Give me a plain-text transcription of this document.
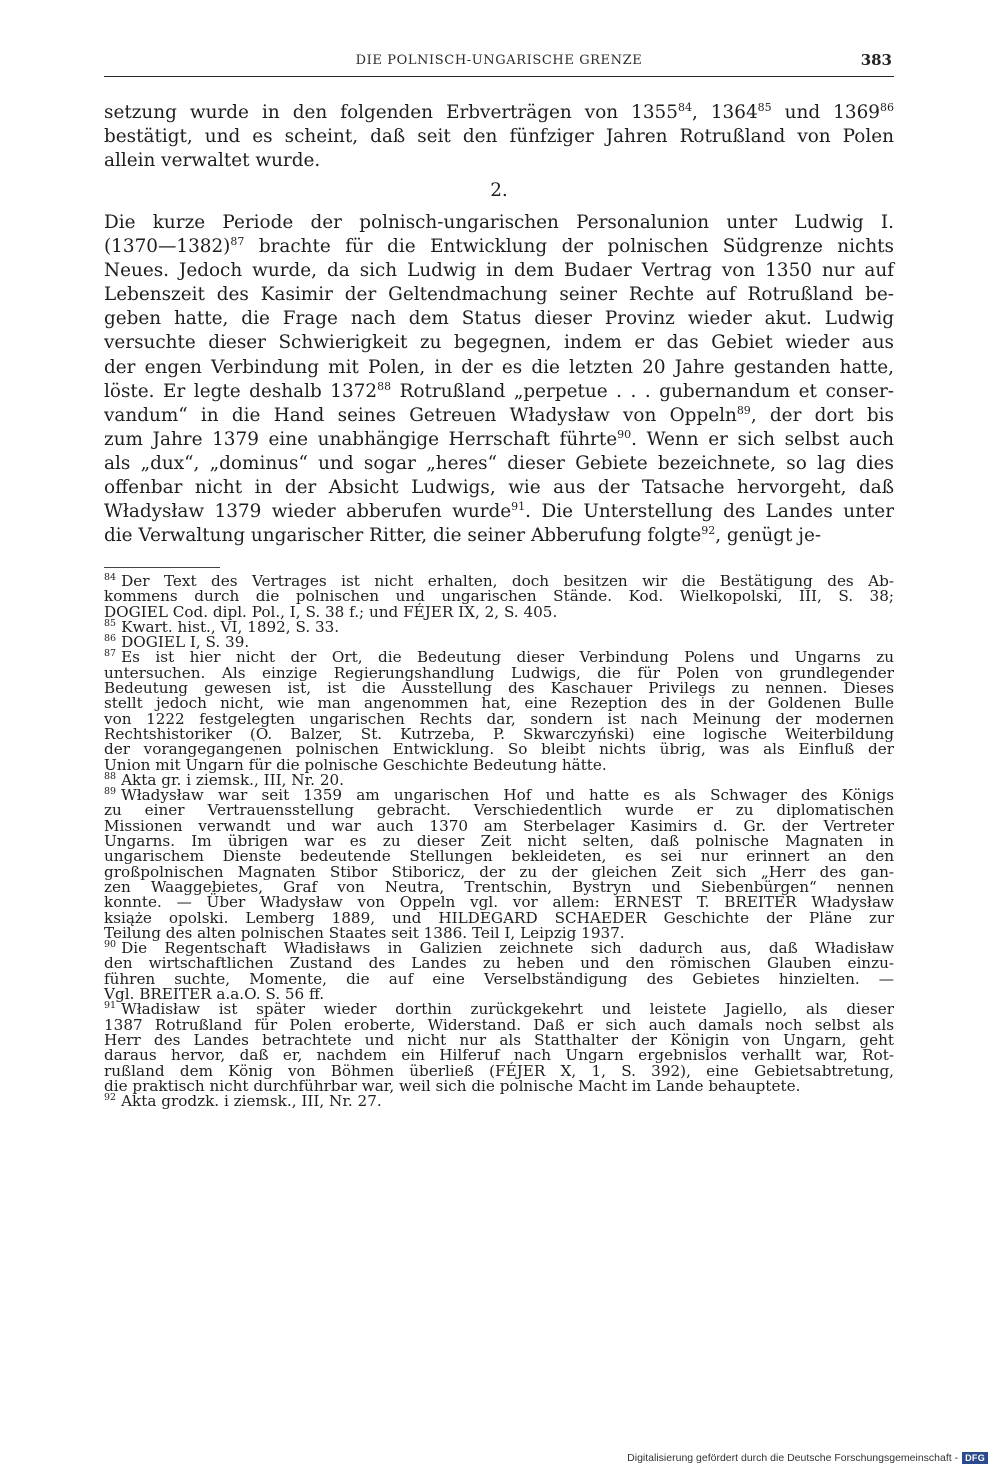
DIE POLNISCH-UNGARISCHE GRENZE	383
setzung wurde in den folgenden Erbverträgen von 1355$^{84}$, 1364$^{85}$ und 1369$^{86}$
bestätigt, und es scheint, daß seit den fünfziger Jahren Rotrußland von Polen
allein verwaltet wurde.
2.
Die kurze Periode der polnisch-ungarischen Personalunion unter Ludwig I.
(1370—1382)$^{87}$ brachte für die Entwicklung der polnischen Südgrenze nichts
Neues. Jedoch wurde, da sich Ludwig in dem Budaer Vertrag von 1350 nur auf
Lebenszeit des Kasimir der Geltendmachung seiner Rechte auf Rotrußland be-
geben hatte, die Frage nach dem Status dieser Provinz wieder akut. Ludwig
versuchte dieser Schwierigkeit zu begegnen, indem er das Gebiet wieder aus
der engen Verbindung mit Polen, in der es die letzten 20 Jahre gestanden hatte,
löste. Er legte deshalb 1372$^{88}$ Rotrußland „perpetue . . . gubernandum et conser-
vandum“ in die Hand seines Getreuen Władysław von Oppeln$^{89}$, der dort bis
zum Jahre 1379 eine unabhängige Herrschaft führte$^{90}$. Wenn er sich selbst auch
als „dux“, „dominus“ und sogar „heres“ dieser Gebiete bezeichnete, so lag dies
offenbar nicht in der Absicht Ludwigs, wie aus der Tatsache hervorgeht, daß
Władysław 1379 wieder abberufen wurde$^{91}$. Die Unterstellung des Landes unter
die Verwaltung ungarischer Ritter, die seiner Abberufung folgte$^{92}$, genügt je-
$^{84}$ Der Text des Vertrages ist nicht erhalten, doch besitzen wir die Bestätigung des Ab-
kommens durch die polnischen und ungarischen Stände. Kod. Wielkopolski, III, S. 38;
DOGIEL Cod. dipl. Pol., I, S. 38 f.; und FÉJER IX, 2, S. 405.
$^{85}$ Kwart. hist., VI, 1892, S. 33.
$^{86}$ DOGIEL I, S. 39.
$^{87}$ Es ist hier nicht der Ort, die Bedeutung dieser Verbindung Polens und Ungarns zu
untersuchen. Als einzige Regierungshandlung Ludwigs, die für Polen von grundlegender
Bedeutung gewesen ist, ist die Ausstellung des Kaschauer Privilegs zu nennen. Dieses
stellt jedoch nicht, wie man angenommen hat, eine Rezeption des in der Goldenen Bulle
von 1222 festgelegten ungarischen Rechts dar, sondern ist nach Meinung der modernen
Rechtshistoriker (O. Balzer, St. Kutrzeba, P. Skwarczyński) eine logische Weiterbildung
der vorangegangenen polnischen Entwicklung. So bleibt nichts übrig, was als Einfluß der
Union mit Ungarn für die polnische Geschichte Bedeutung hätte.
$^{88}$ Akta gr. i ziemsk., III, Nr. 20.
$^{89}$ Władysław war seit 1359 am ungarischen Hof und hatte es als Schwager des Königs
zu einer Vertrauensstellung gebracht. Verschiedentlich wurde er zu diplomatischen
Missionen verwandt und war auch 1370 am Sterbelager Kasimirs d. Gr. der Vertreter
Ungarns. Im übrigen war es zu dieser Zeit nicht selten, daß polnische Magnaten in
ungarischem Dienste bedeutende Stellungen bekleideten, es sei nur erinnert an den
großpolnischen Magnaten Stibor Stiboricz, der zu der gleichen Zeit sich „Herr des gan-
zen Waaggebietes, Graf von Neutra, Trentschin, Bystryn und Siebenbürgen“ nennen
konnte. — Über Władysław von Oppeln vgl. vor allem: ERNEST T. BREITER Władysław
książe opolski. Lemberg 1889, und HILDEGARD SCHAEDER Geschichte der Pläne zur
Teilung des alten polnischen Staates seit 1386. Teil I, Leipzig 1937.
$^{90}$ Die Regentschaft Władisławs in Galizien zeichnete sich dadurch aus, daß Władisław
den wirtschaftlichen Zustand des Landes zu heben und den römischen Glauben einzu-
führen suchte, Momente, die auf eine Verselbständigung des Gebietes hinzielten. —
Vgl. BREITER a.a.O. S. 56 ff.
$^{91}$ Władisław ist später wieder dorthin zurückgekehrt und leistete Jagiello, als dieser
1387 Rotrußland für Polen eroberte, Widerstand. Daß er sich auch damals noch selbst als
Herr des Landes betrachtete und nicht nur als Statthalter der Königin von Ungarn, geht
daraus hervor, daß er, nachdem ein Hilferuf nach Ungarn ergebnislos verhallt war, Rot-
rußland dem König von Böhmen überließ (FÉJER X, 1, S. 392), eine Gebietsabtretung,
die praktisch nicht durchführbar war, weil sich die polnische Macht im Lande behauptete.
$^{92}$ Akta grodzk. i ziemsk., III, Nr. 27.
Digitalisierung gefördert durch die Deutsche Forschungsgemeinschaft - DFG
